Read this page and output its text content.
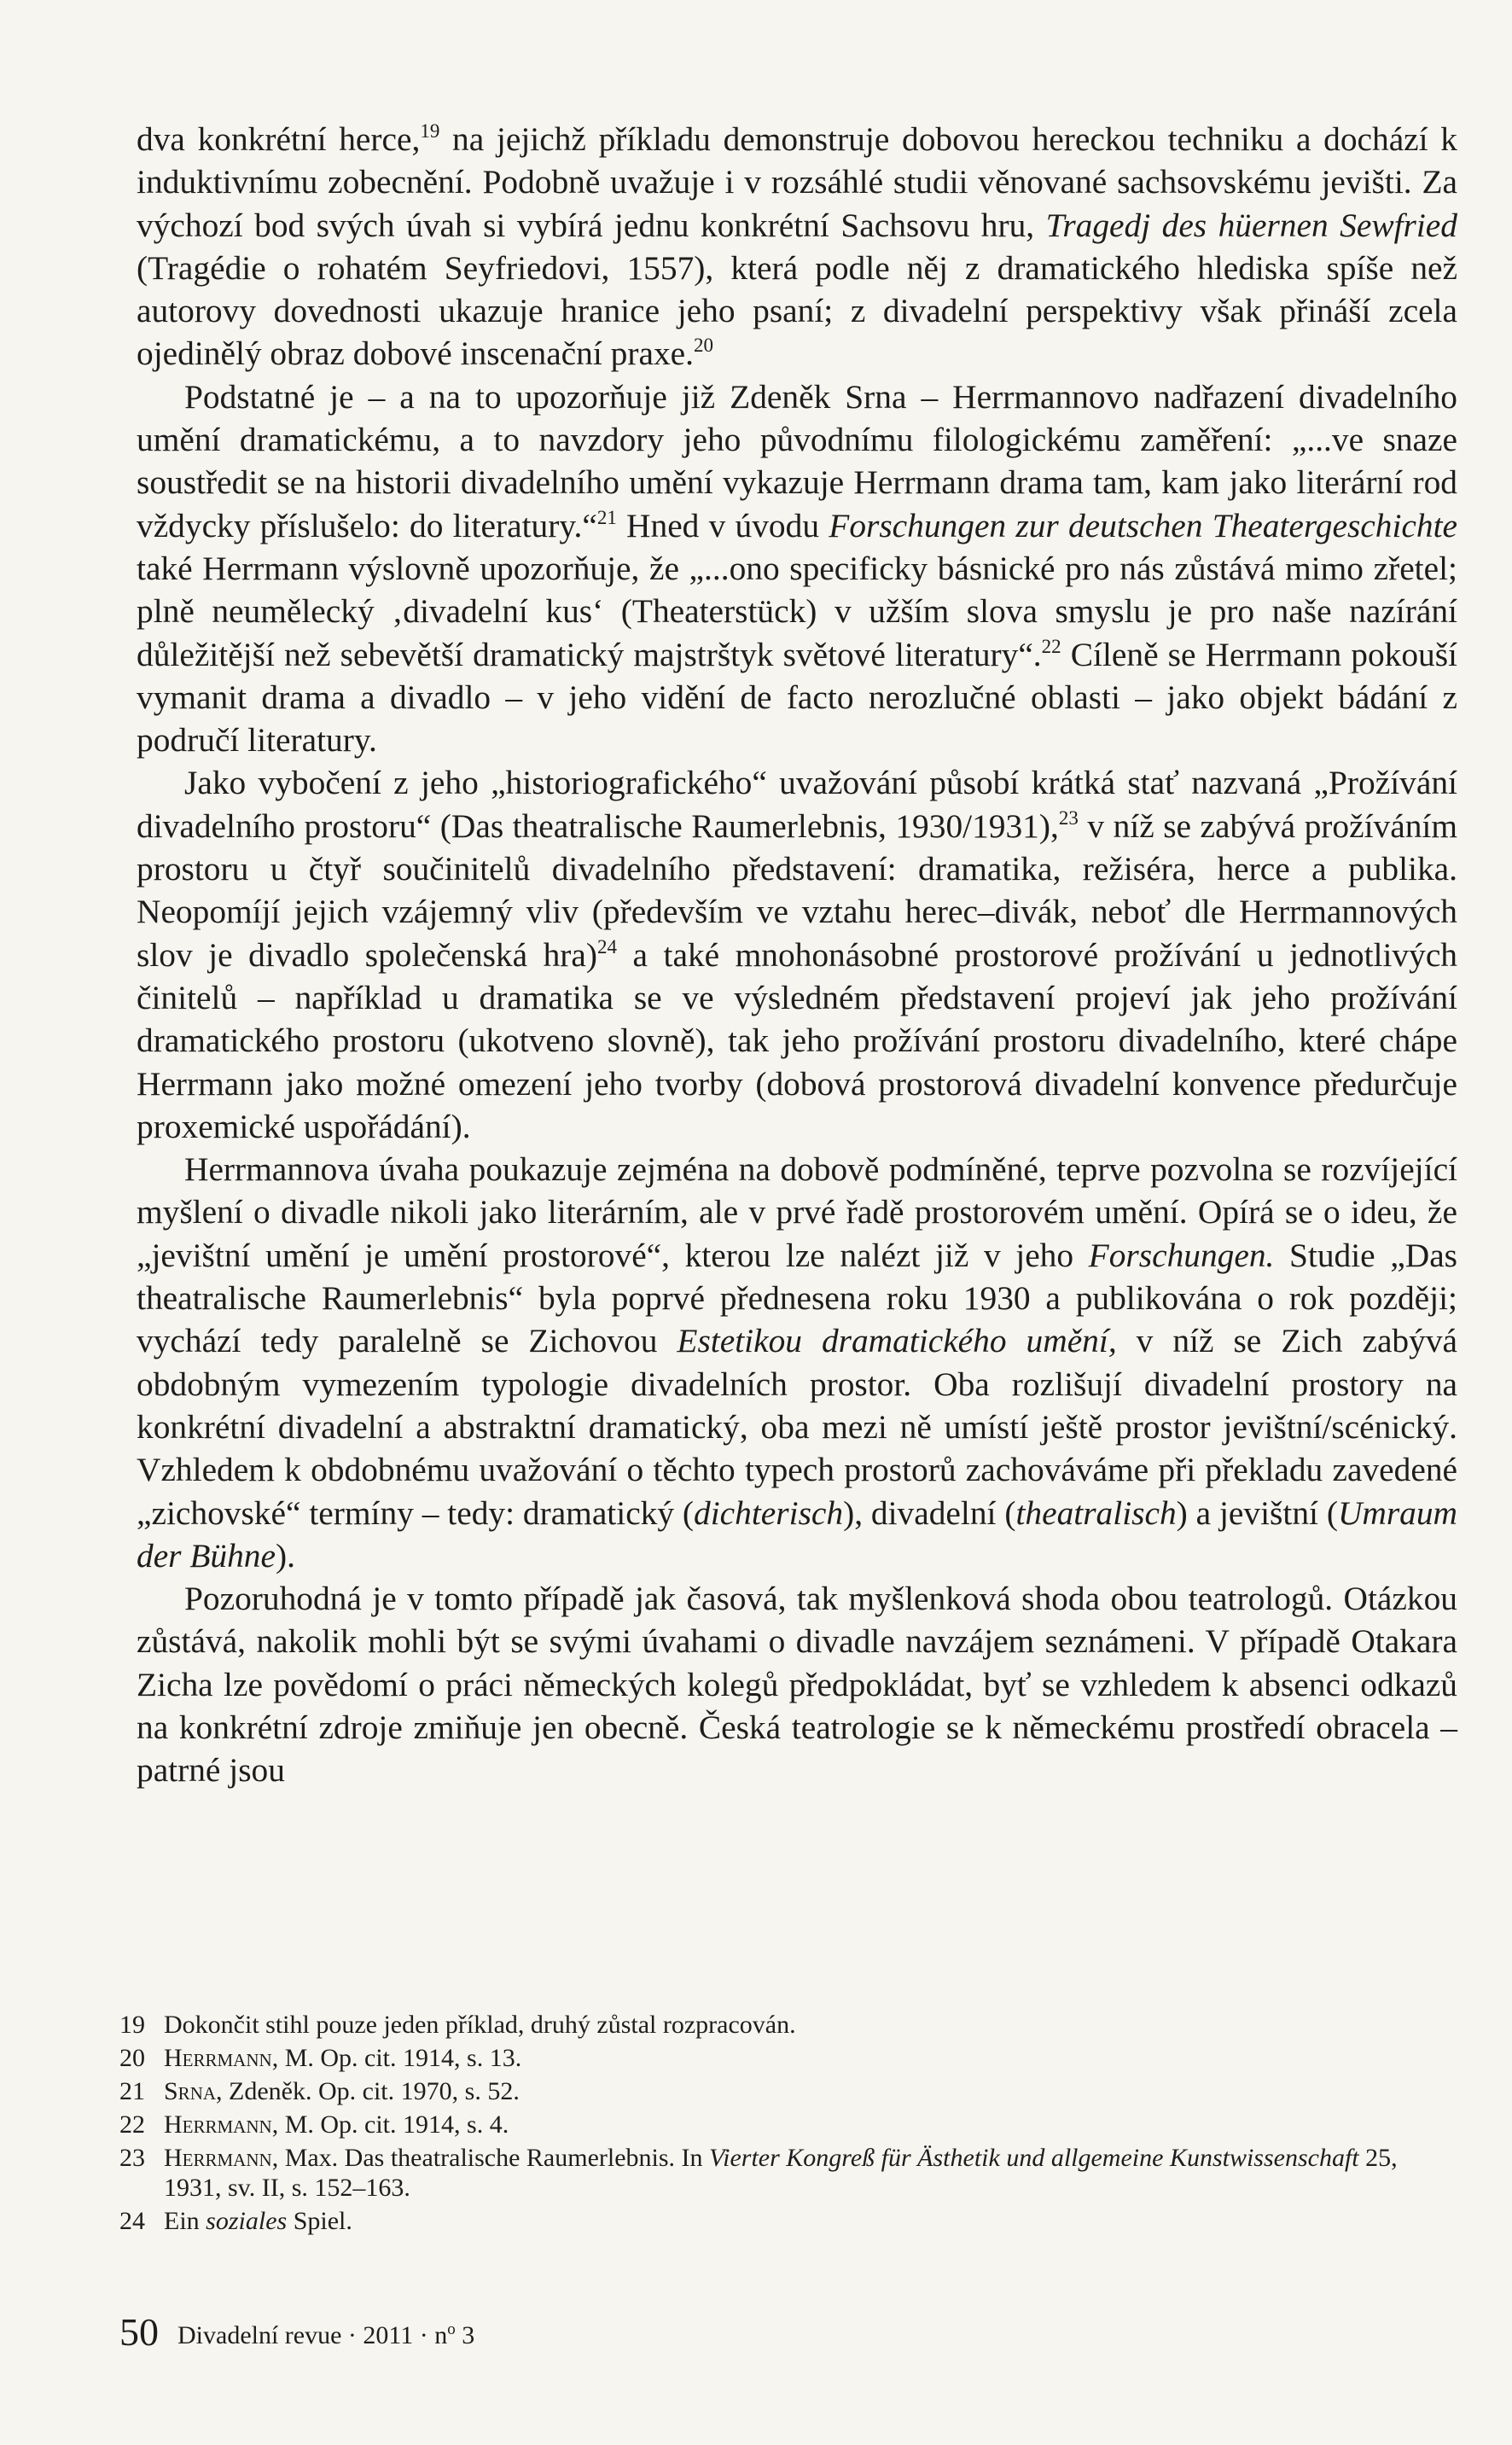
dva konkrétní herce,$^{19}$ na jejichž příkladu demonstruje dobovou hereckou techniku a dochází k induktivnímu zobecnění. Podobně uvažuje i v rozsáhlé studii věnované sachsovskému jevišti. Za výchozí bod svých úvah si vybírá jednu konkrétní Sachsovu hru, Tragedj des hüernen Sewfried (Tragédie o rohatém Seyfriedovi, 1557), která podle něj z dramatického hlediska spíše než autorovy dovednosti ukazuje hranice jeho psaní; z divadelní perspektivy však přináší zcela ojedinělý obraz dobové inscenační praxe.$^{20}$

Podstatné je – a na to upozorňuje již Zdeněk Srna – Herrmannovo nadřazení divadelního umění dramatickému, a to navzdory jeho původnímu filologickému zaměření: „...ve snaze soustředit se na historii divadelního umění vykazuje Herrmann drama tam, kam jako literární rod vždycky příslušelo: do literatury.“$^{21}$ Hned v úvodu Forschungen zur deutschen Theatergeschichte také Herrmann výslovně upozorňuje, že „...ono specificky básnické pro nás zůstává mimo zřetel; plně neumělecký ‚divadelní kus‘ (Theaterstück) v užším slova smyslu je pro naše nazírání důležitější než sebevětší dramatický majstrštyk světové literatury“.$^{22}$ Cíleně se Herrmann pokouší vymanit drama a divadlo – v jeho vidění de facto nerozlučné oblasti – jako objekt bádání z područí literatury.

Jako vybočení z jeho „historiografického“ uvažování působí krátká stať nazvaná „Prožívání divadelního prostoru“ (Das theatralische Raumerlebnis, 1930/1931),$^{23}$ v níž se zabývá prožíváním prostoru u čtyř součinitelů divadelního představení: dramatika, režiséra, herce a publika. Neopomíjí jejich vzájemný vliv (především ve vztahu herec–divák, neboť dle Herrmannových slov je divadlo společenská hra)$^{24}$ a také mnohonásobné prostorové prožívání u jednotlivých činitelů – například u dramatika se ve výsledném představení projeví jak jeho prožívání dramatického prostoru (ukotveno slovně), tak jeho prožívání prostoru divadelního, které chápe Herrmann jako možné omezení jeho tvorby (dobová prostorová divadelní konvence předurčuje proxemické uspořádání).

Herrmannova úvaha poukazuje zejména na dobově podmíněné, teprve pozvolna se rozvíjející myšlení o divadle nikoli jako literárním, ale v prvé řadě prostorovém umění. Opírá se o ideu, že „jevištní umění je umění prostorové“, kterou lze nalézt již v jeho Forschungen. Studie „Das theatralische Raumerlebnis“ byla poprvé přednesena roku 1930 a publikována o rok později; vychází tedy paralelně se Zichovou Estetikou dramatického umění, v níž se Zich zabývá obdobným vymezením typologie divadelních prostor. Oba rozlišují divadelní prostory na konkrétní divadelní a abstraktní dramatický, oba mezi ně umístí ještě prostor jevištní/scénický. Vzhledem k obdobnému uvažování o těchto typech prostorů zachováváme při překladu zavedené „zichovské“ termíny – tedy: dramatický (dichterisch), divadelní (theatralisch) a jevištní (Umraum der Bühne).

Pozoruhodná je v tomto případě jak časová, tak myšlenková shoda obou teatrologů. Otázkou zůstává, nakolik mohli být se svými úvahami o divadle navzájem seznámeni. V případě Otakara Zicha lze povědomí o práci německých kolegů předpokládat, byť se vzhledem k absenci odkazů na konkrétní zdroje zmiňuje jen obecně. Česká teatrologie se k německému prostředí obracela – patrné jsou

19 Dokončit stihl pouze jeden příklad, druhý zůstal rozpracován.
20 Herrmann, M. Op. cit. 1914, s. 13.
21 Srna, Zdeněk. Op. cit. 1970, s. 52.
22 Herrmann, M. Op. cit. 1914, s. 4.
23 Herrmann, Max. Das theatralische Raumerlebnis. In Vierter Kongreß für Ästhetik und allgemeine Kunstwissenschaft 25, 1931, sv. II, s. 152–163.
24 Ein soziales Spiel.
50 Divadelní revue · $2011 \cdot n^o$ 3
